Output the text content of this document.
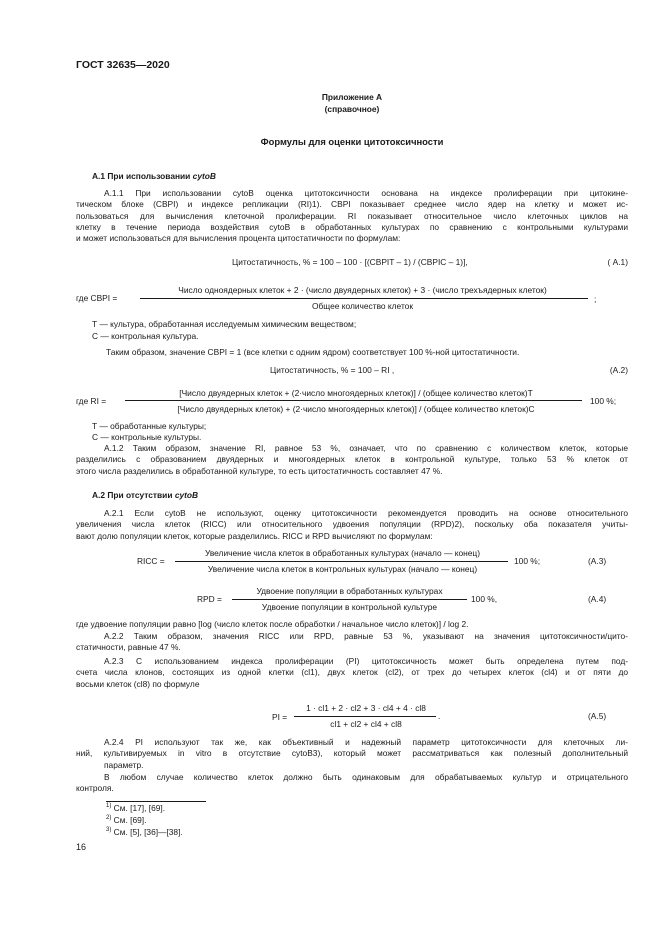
ГОСТ 32635—2020
Приложение А
(справочное)
Формулы для оценки цитотоксичности
А.1 При использовании cytoB
А.1.1 При использовании cytoB оценка цитотоксичности основана на индексе пролиферации при цитокине-
тическом блоке (CBPI) и индексе репликации (RI)1). CBPI показывает среднее число ядер на клетку и может ис-
пользоваться для вычисления клеточной пролиферации. RI показывает относительное число клеточных циклов на
клетку в течение периода воздействия cytoB в обработанных культурах по сравнению с контрольными культурами
и может использоваться для вычисления процента цитостатичности по формулам:
Цитостатичность, % = 100 – 100 · [(CBPIT – 1) / (CBPIC – 1)],	( А.1)
где CBPI =
Число одноядерных клеток + 2 · (число двуядерных клеток) + 3 · (число трехъядерных клеток)
Общее количество клеток
;
Т — культура, обработанная исследуемым химическим веществом;
С — контрольная культура.
Таким образом, значение CBPI = 1 (все клетки с одним ядром) соответствует 100 %-ной цитостатичности.
Цитостатичность, % = 100 – RI ,	(А.2)
где RI =
[Число двуядерных клеток + (2·число многоядерных клеток)] / (общее количество клеток)T
[Число двуядерных клеток) + (2·число многоядерных клеток)] / (общее количество клеток)C
100 %;
Т — обработанные культуры;
С — контрольные культуры.
А.1.2 Таким образом, значение RI, равное 53 %, означает, что по сравнению с количеством клеток, которые
разделились с образованием двуядерных и многоядерных клеток в контрольной культуре, только 53 % клеток от
этого числа разделились в обработанной культуре, то есть цитостатичность составляет 47 %.
А.2 При отсутствии cytoB
А.2.1 Если cytoB не используют, оценку цитотоксичности рекомендуется проводить на основе относительного
увеличения числа клеток (RICC) или относительного удвоения популяции (RPD)2), поскольку оба показателя учиты-
вают долю популяции клеток, которые разделились. RICC и RPD вычисляют по формулам:
RICC =
Увеличение числа клеток в обработанных культурах (начало — конец)
Увеличение числа клеток в контрольных культурах (начало — конец)
100 %;	(А.3)
RPD =
Удвоение популяции в обработанных культурах
Удвоение популяции в контрольной культуре
100 %,	(А.4)
где удвоение популяции равно [log (число клеток после обработки / начальное число клеток)] / log 2.
А.2.2 Таким образом, значения RICC или RPD, равные 53 %, указывают на значения цитотоксичности/цито-
статичности, равные 47 %.
А.2.3 С использованием индекса пролиферации (PI) цитотоксичность может быть определена путем под-
счета числа клонов, состоящих из одной клетки (cl1), двух клеток (cl2), от трех до четырех клеток (cl4) и от пяти до
восьми клеток (cl8) по формуле
PI =
1 · cl1 + 2 · cl2 + 3 · cl4 + 4 · cl8
cl1 + cl2 + cl4 + cl8
.	(А.5)
А.2.4 PI используют так же, как объективный и надежный параметр цитотоксичности для клеточных ли-
ний, культивируемых in vitro в отсутствие cytoB3), который может рассматриваться как полезный дополнительный
параметр.
В любом случае количество клеток должно быть одинаковым для обрабатываемых культур и отрицательного
контроля.
$^{1)}$ См. [17], [69].
$^{2)}$ См. [69].
$^{3)}$ См. [5], [36]—[38].
16
